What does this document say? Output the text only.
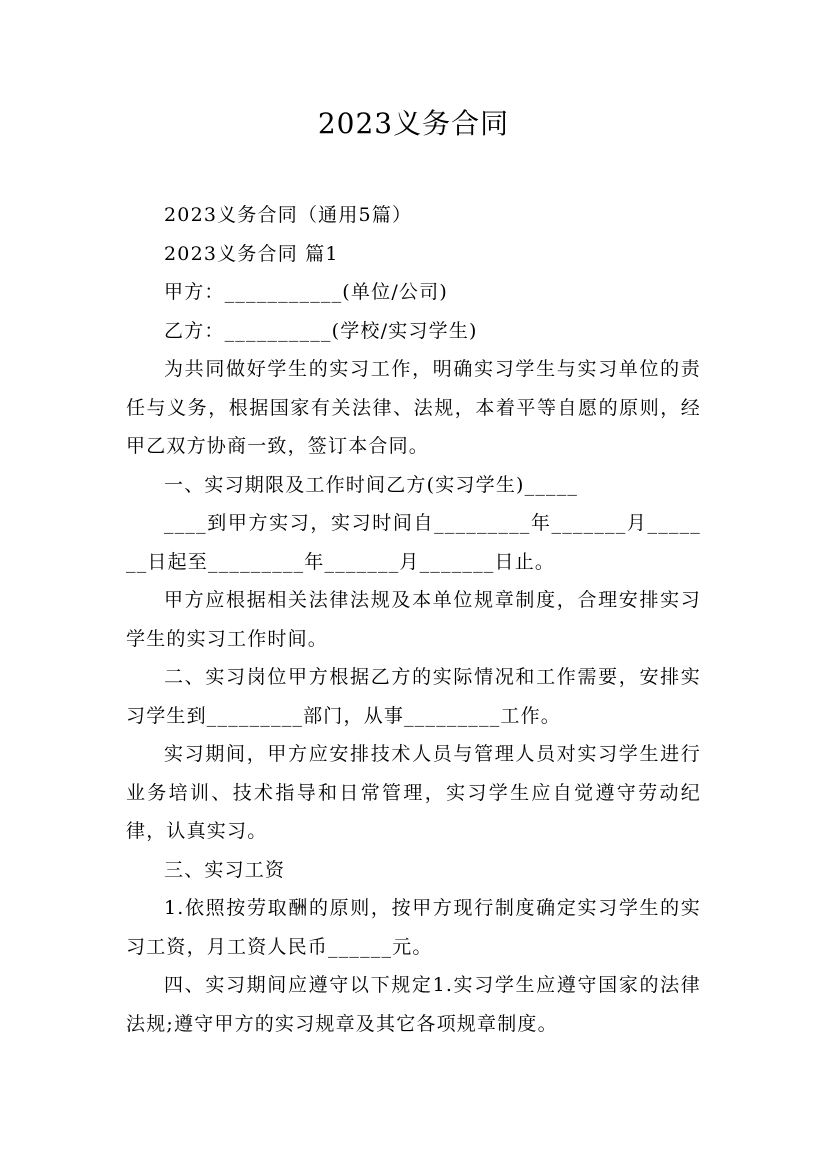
2023义务合同

2023义务合同（通用5篇）

2023义务合同 篇1

甲方：___________(单位/公司)

乙方：__________(学校/实习学生)

为共同做好学生的实习工作，明确实习学生与实习单位的责任与义务，根据国家有关法律、法规，本着平等自愿的原则，经甲乙双方协商一致，签订本合同。

一、实习期限及工作时间乙方(实习学生)_____

____到甲方实习，实习时间自_________年_______月_______日起至_________年_______月_______日止。

甲方应根据相关法律法规及本单位规章制度，合理安排实习学生的实习工作时间。

二、实习岗位甲方根据乙方的实际情况和工作需要，安排实习学生到_________部门，从事_________工作。

实习期间，甲方应安排技术人员与管理人员对实习学生进行业务培训、技术指导和日常管理，实习学生应自觉遵守劳动纪律，认真实习。

三、实习工资

1.依照按劳取酬的原则，按甲方现行制度确定实习学生的实习工资，月工资人民币______元。

四、实习期间应遵守以下规定1.实习学生应遵守国家的法律法规;遵守甲方的实习规章及其它各项规章制度。
